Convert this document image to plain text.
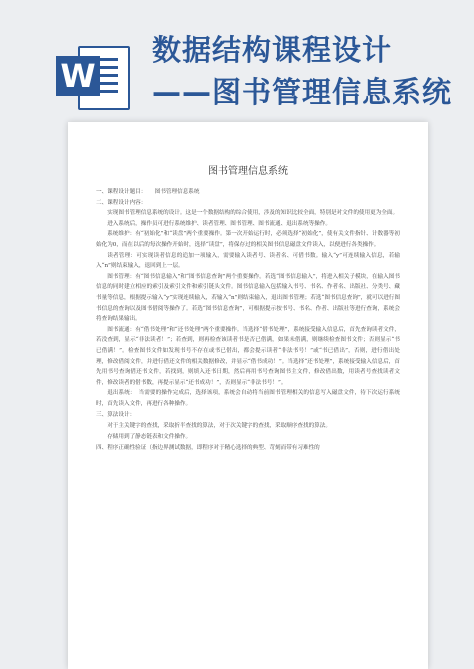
W
数据结构课程设计
——图书管理信息系统
图书管理信息系统

一、课程设计题目：　　图书管理信息系统

二、课程设计内容：

实现图书管理信息系统的设计。这是一个数据结构的综合使用，涉及的知识比较全面，特别是对文件的使用更为全面。

进入系统后，操作员可进行系统维护、读者管理、图书管理、图书流通、退出系统等操作。

系统维护：有“初始化”和“读盘”两个重要操作。第一次开始运行时，必须选择“初始化”，使有关文件指针、计数器等初始化为0，而在以后的每次操作开始时，选择“读盘”，将保存过的相关图书信息磁盘文件读入，以便进行各类操作。

读者管理：可实现读者信息的追加一项输入，需要输入读者号、读者名、可借书数。输入“y”可连续输入信息，若输入“n”则结束输入，退回到上一层。

图书管理：有“图书信息输入”和“图书信息查询”两个重要操作。若选“图书信息输入”，将进入相关子模块，在输入图书信息的同时建立相应的索引及索引文件和索引链头文件。图书信息输入包括输入书号、书名、作者名、出版社、分类号、藏书量等信息，根据提示输入“y”实现连续输入，若输入“n”则结束输入，退出图书管理；若选“图书信息查询”，就可以进行图书信息的查询以及图书借阅等操作了。若选“图书信息查询”，可根据提示按书号、书名、作者、出版社等进行查询，系统会将查询结果输出。

图书流通：有“借书处理”和“还书处理”两个重要操作。当选择“借书处理”，系统接受输入信息后，首先查询读者文件，若没查到，显示“非法读者！”；若查到，则再检查该读者书是否已借满，如果未借满，则继续检查图书文件；否则显示“书已借满！”。检查图书文件如发现书号不存在或书已借出，都会提示读者“非法书号！”或“书已借出”，否则，进行借出处理，修改借阅文件，并进行借还文件的相关数据修改，并显示“借书成功！”。当选择“还书处理”，系统接受输入信息后，首先用书号查询借还书文件，若找到，则填入还书日期，然后再用书号查询图书主文件，修改借出数，用读者号查找读者文件，修改读者的借书数，再提示显示“还书成功！”，否则显示“非法书号！”。

退出系统：　当需要的操作完成后，选择该项，系统会自动将当前图书管理相关的信息写入磁盘文件，待下次运行系统时，首先读入文件，再进行各种操作。

三、算法设计：

对于主关键字的查找，采取折半查找的算法，对于次关键字的查找，采取顺序查找的算法。

存储用到了静态链表和文件操作。

四、程序正确性验证（指边界测试数据，即程序对于精心选择的典型、苛刻而带有习难性的
